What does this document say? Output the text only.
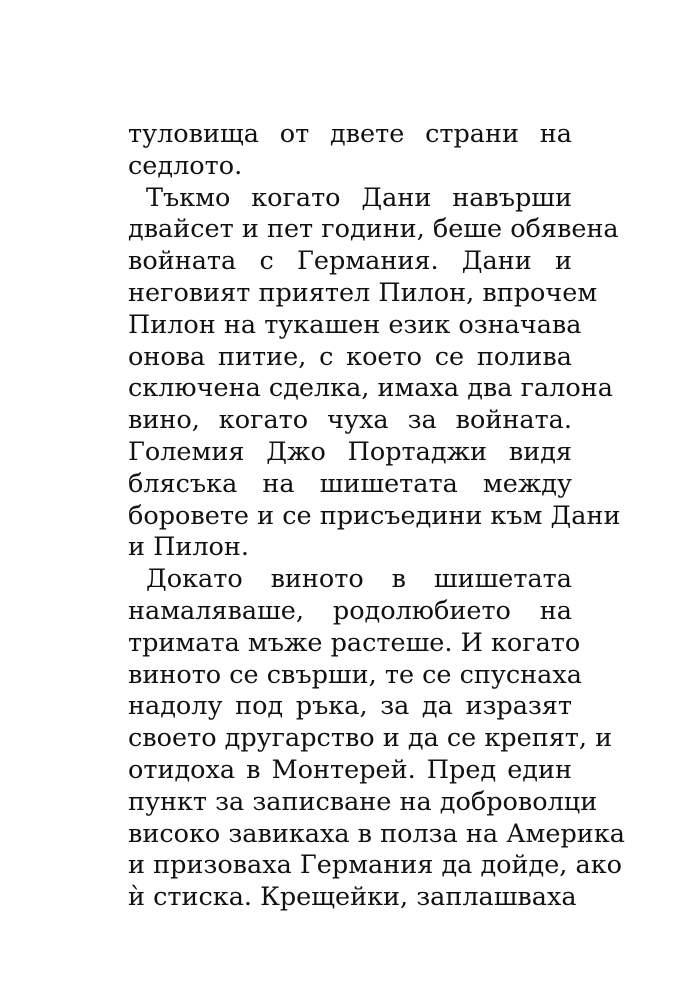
туловища от двете страни на
седлото.
Тъкмо когато Дани навърши
двайсет и пет години, беше обявена
войната с Германия. Дани и
неговият приятел Пилон, впрочем
Пилон на тукашен език означава
онова питие, с което се полива
сключена сделка, имаха два галона
вино, когато чуха за войната.
Големия Джо Портаджи видя
блясъка на шишетата между
боровете и се присъедини към Дани
и Пилон.
Докато виното в шишетата
намаляваше, родолюбието на
тримата мъже растеше. И когато
виното се свърши, те се спуснаха
надолу под ръка, за да изразят
своето другарство и да се крепят, и
отидоха в Монтерей. Пред един
пункт за записване на доброволци
високо завикаха в полза на Америка
и призоваха Германия да дойде, ако
ѝ стиска. Крещейки, заплашваха
